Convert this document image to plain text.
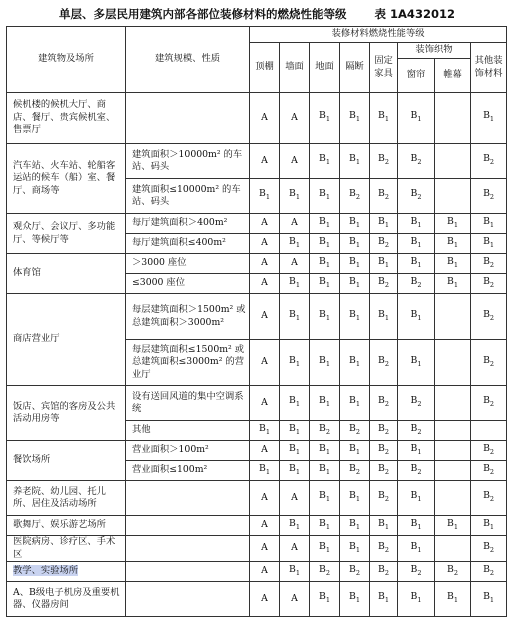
单层、多层民用建筑内部各部位装修材料的燃烧性能等级 表 1A432012
建筑物及场所	建筑规模、性质	装修材料燃烧性能等级							
		顶棚	墙面	地面	隔断	固定家具	装饰织物		其他装饰材料
							窗帘	帷幕	
候机楼的候机大厅、商店、餐厅、贵宾候机室、售票厅		A	A	$B_1$	$B_1$	$B_1$	$B_1$		$B_1$
汽车站、火车站、轮船客运站的候车（船）室、餐厅、商场等	建筑面积＞10000m² 的车站、码头	A	A	$B_1$	$B_1$	$B_2$	$B_2$		$B_2$
	建筑面积≤10000m² 的车站、码头	$B_1$	$B_1$	$B_1$	$B_2$	$B_2$	$B_2$		$B_2$
观众厅、会议厅、多功能厅、等候厅等	每厅建筑面积＞400m²	A	A	$B_1$	$B_1$	$B_1$	$B_1$	$B_1$	$B_1$
	每厅建筑面积≤400m²	A	$B_1$	$B_1$	$B_1$	$B_2$	$B_1$	$B_1$	$B_1$
体育馆	＞3000 座位	A	A	$B_1$	$B_1$	$B_1$	$B_1$	$B_1$	$B_2$
	≤3000 座位	A	$B_1$	$B_1$	$B_1$	$B_2$	$B_2$	$B_1$	$B_2$
商店营业厅	每层建筑面积＞1500m² 或总建筑面积＞3000m²	A	$B_1$	$B_1$	$B_1$	$B_1$	$B_1$		$B_2$
	每层建筑面积≤1500m² 或总建筑面积≤3000m² 的营业厅	A	$B_1$	$B_1$	$B_1$	$B_2$	$B_1$		$B_2$
饭店、宾馆的客房及公共活动用房等	设有送回风道的集中空调系统	A	$B_1$	$B_1$	$B_1$	$B_2$	$B_2$		$B_2$
	其他	$B_1$	$B_1$	$B_2$	$B_2$	$B_2$	$B_2$		
餐饮场所	营业面积＞100m²	A	$B_1$	$B_1$	$B_1$	$B_2$	$B_1$		$B_2$
	营业面积≤100m²	$B_1$	$B_1$	$B_1$	$B_2$	$B_2$	$B_2$		$B_2$
养老院、幼儿园、托儿所、居住及活动场所		A	A	$B_1$	$B_1$	$B_2$	$B_1$		$B_2$
歌舞厅、娱乐游艺场所		A	$B_1$	$B_1$	$B_1$	$B_1$	$B_1$	$B_1$	$B_1$
医院病房、诊疗区、手术区		A	A	$B_1$	$B_1$	$B_2$	$B_1$		$B_2$
教学、实验场所		A	$B_1$	$B_2$	$B_2$	$B_2$	$B_2$	$B_2$	$B_2$
A、B级电子机房及重要机器、仪器房间		A	A	$B_1$	$B_1$	$B_1$	$B_1$	$B_1$	$B_1$
